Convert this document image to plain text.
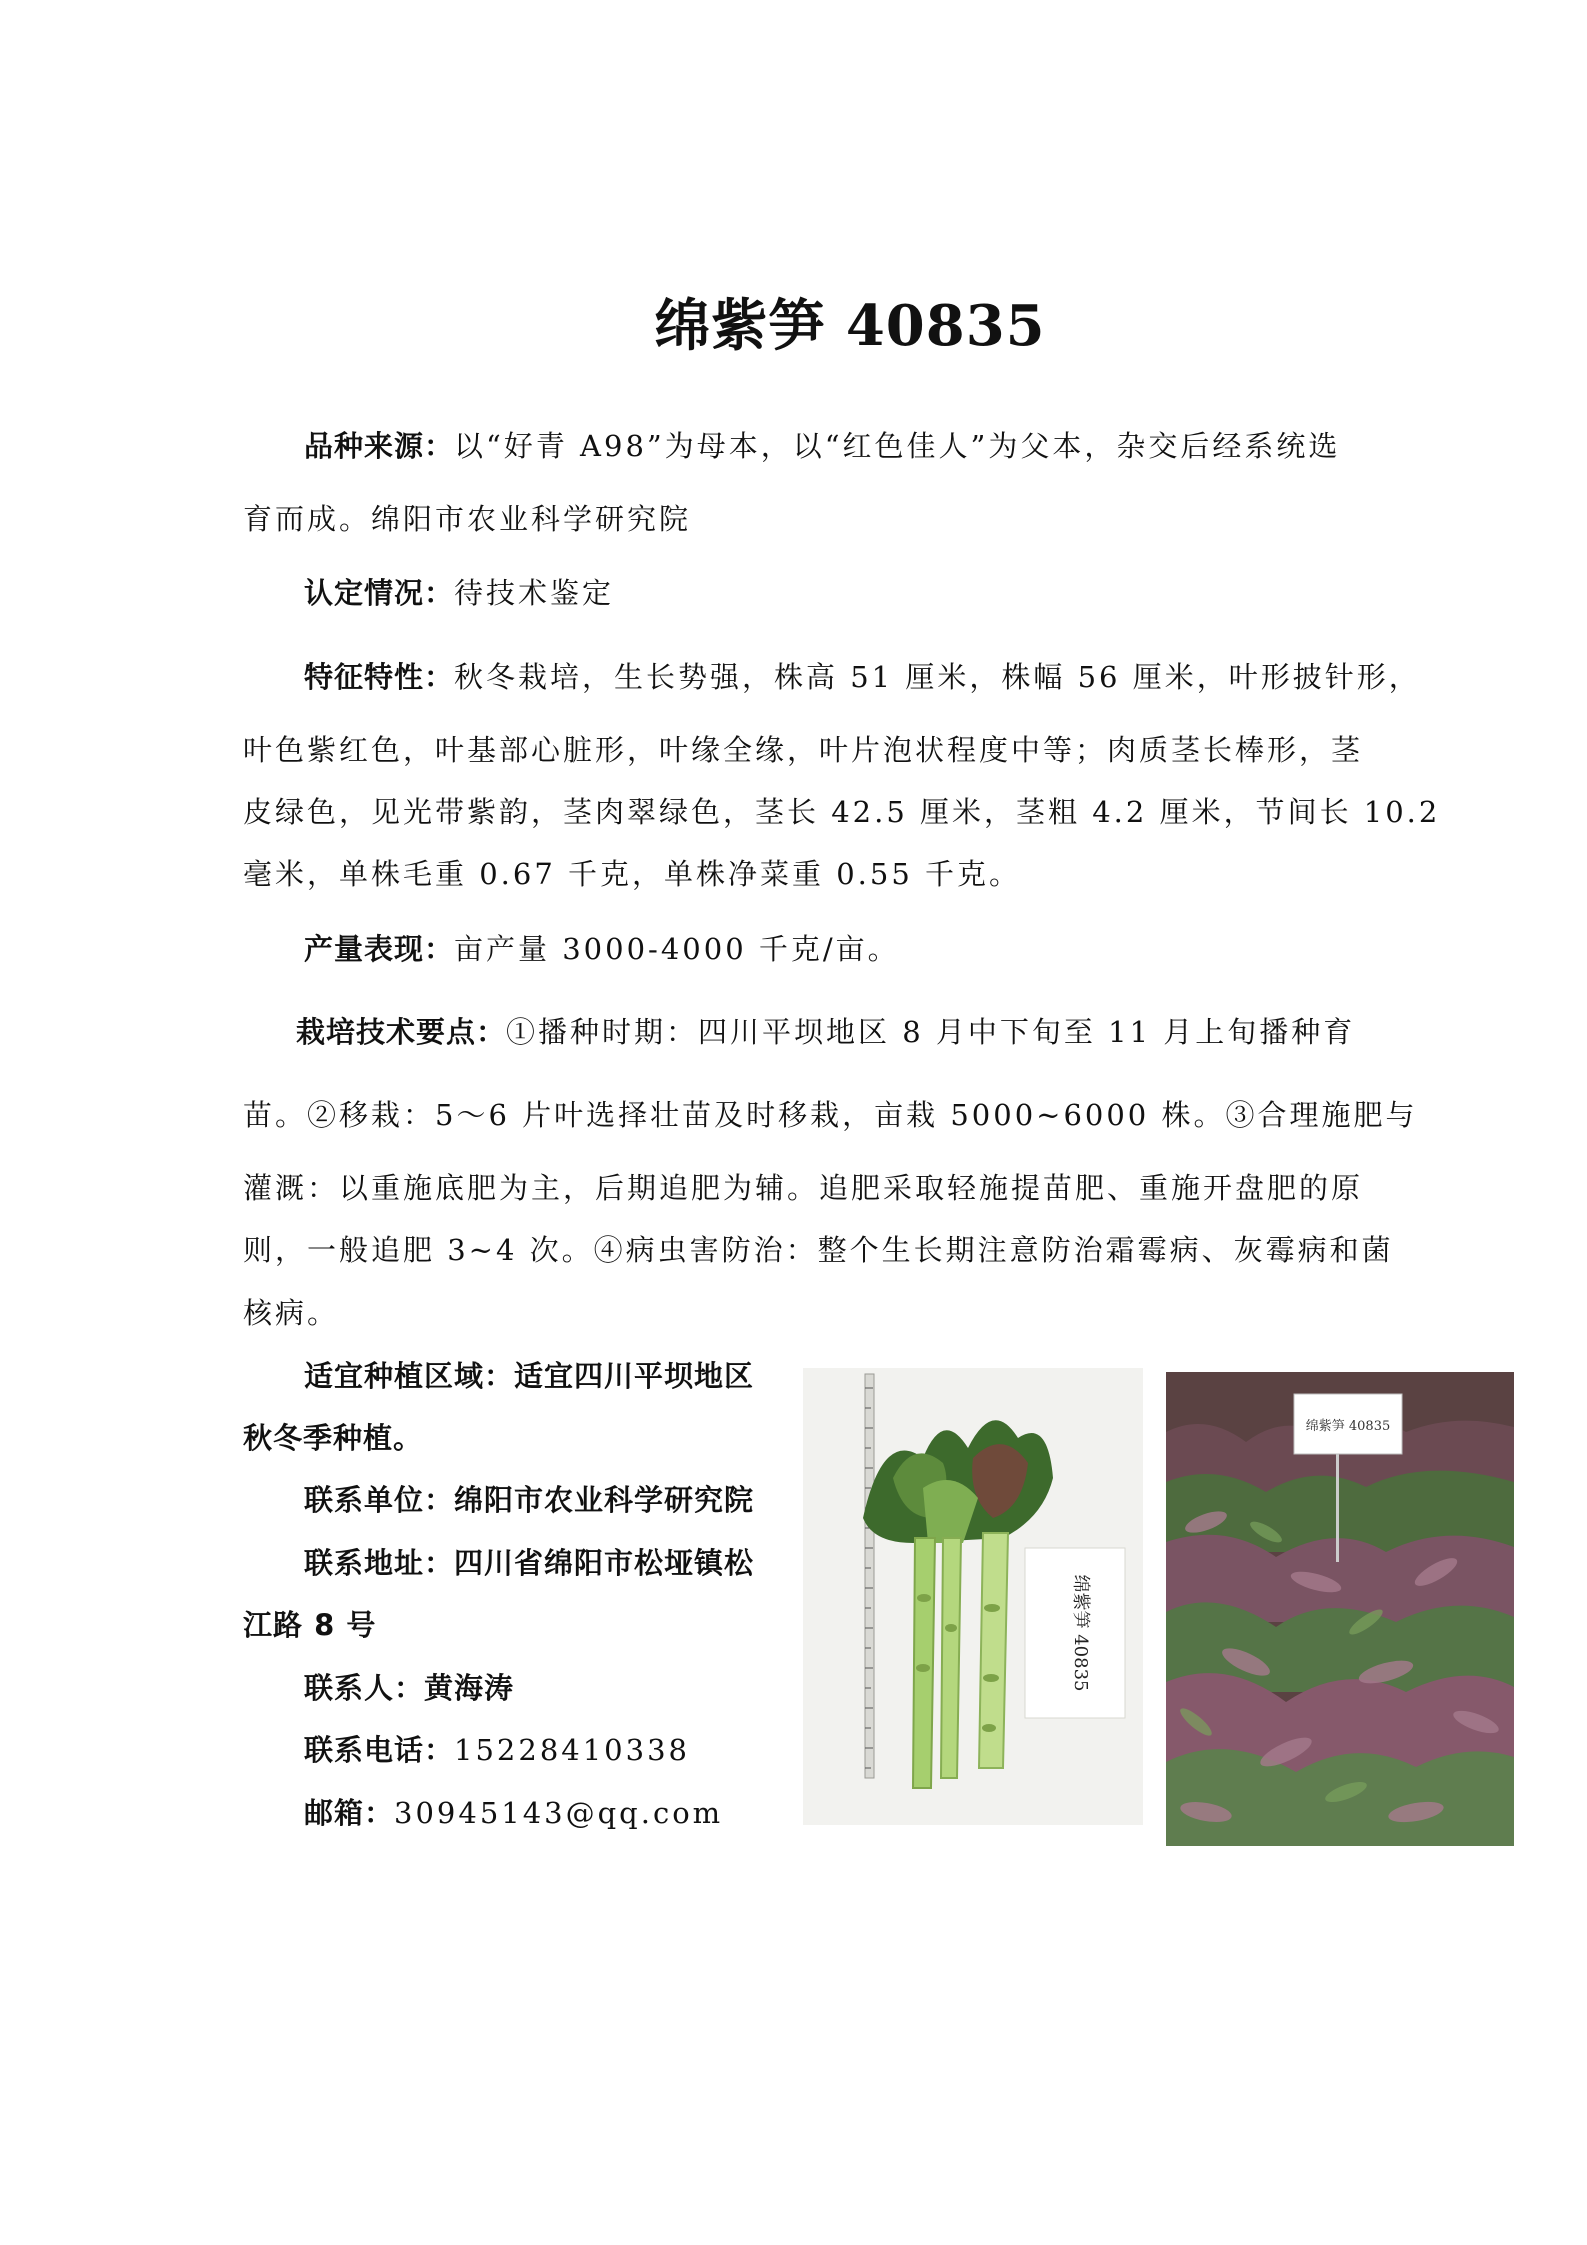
绵紫笋 40835
品种来源：以“好青 A98”为母本，以“红色佳人”为父本，杂交后经系统选
育而成。绵阳市农业科学研究院
认定情况：待技术鉴定
特征特性：秋冬栽培，生长势强，株高 51 厘米，株幅 56 厘米，叶形披针形，
叶色紫红色，叶基部心脏形，叶缘全缘，叶片泡状程度中等；肉质茎长棒形，茎
皮绿色，见光带紫韵，茎肉翠绿色，茎长 42.5 厘米，茎粗 4.2 厘米，节间长 10.2
毫米，单株毛重 0.67 千克，单株净菜重 0.55 千克。
产量表现：亩产量 3000-4000 千克/亩。
栽培技术要点：①播种时期：四川平坝地区 8 月中下旬至 11 月上旬播种育
苗。②移栽：5～6 片叶选择壮苗及时移栽，亩栽 5000~6000 株。③合理施肥与
灌溉：以重施底肥为主，后期追肥为辅。追肥采取轻施提苗肥、重施开盘肥的原
则，一般追肥 3~4 次。④病虫害防治：整个生长期注意防治霜霉病、灰霉病和菌
核病。
适宜种植区域：适宜四川平坝地区
秋冬季种植。
联系单位：绵阳市农业科学研究院
联系地址：四川省绵阳市松垭镇松
江路 8 号
联系人：黄海涛
联系电话：15228410338
邮箱：30945143@qq.com
绵紫笋 40835
绵紫笋 40835
